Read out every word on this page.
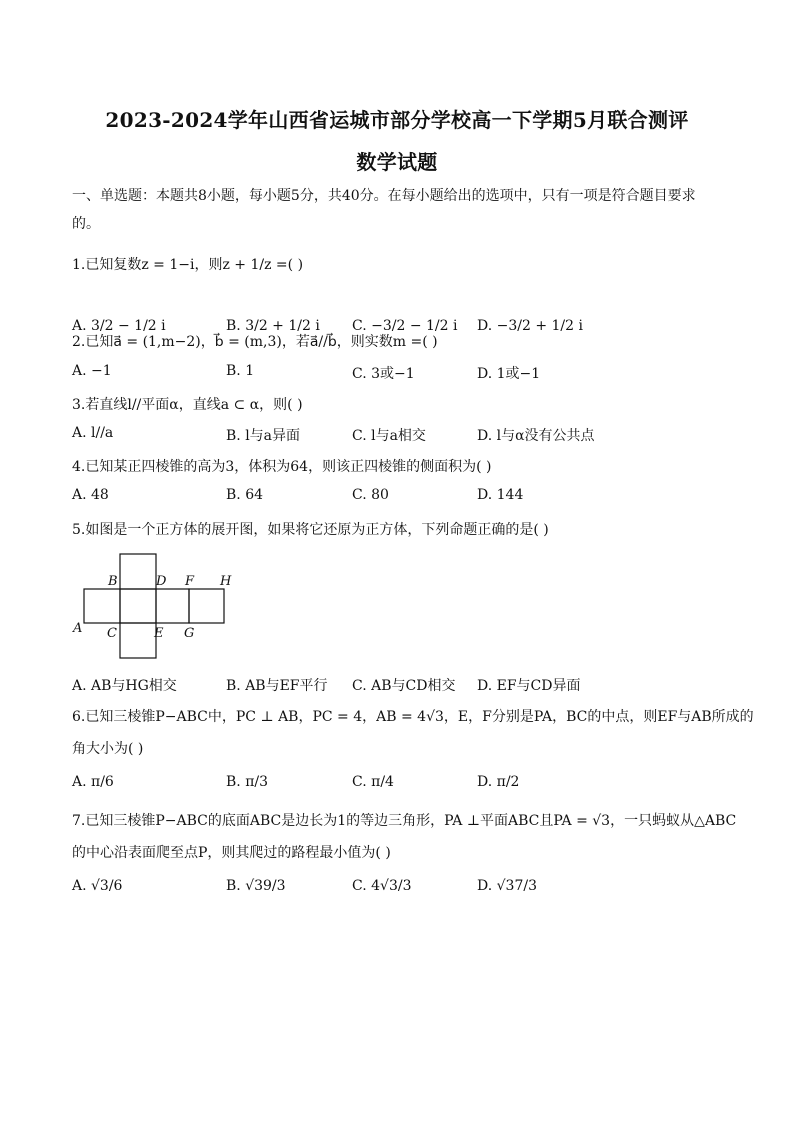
2023-2024学年山西省运城市部分学校高一下学期5月联合测评
数学试题
一、单选题：本题共8小题，每小题5分，共40分。在每小题给出的选项中，只有一项是符合题目要求的。
1.已知复数z = 1−i，则z + 1/z =( )
A. 3/2 − 1/2 i	B. 3/2 + 1/2 i C. −3/2 − 1/2 i D. −3/2 + 1/2 i
2.已知a⃗ = (1,m−2)，b⃗ = (m,3)，若a⃗//b⃗，则实数m =( )
A. −1	B. 1	C. 3或−1	D. 1或−1
3.若直线l//平面α，直线a ⊂ α，则( )
A. l//a	B. l与a异面	C. l与a相交	D. l与α没有公共点
4.已知某正四棱锥的高为3，体积为64，则该正四棱锥的侧面积为( )
A. 48	B. 64	C. 80	D. 144
5.如图是一个正方体的展开图，如果将它还原为正方体，下列命题正确的是( )
A
B
C
D
E
F
G
H
A. AB与HG相交	B. AB与EF平行 C. AB与CD相交 D. EF与CD异面
6.已知三棱锥P−ABC中，PC ⊥ AB，PC = 4，AB = 4√3，E，F分别是PA，BC的中点，则EF与AB所成的
角大小为( )
A. π/6	B. π/3	C. π/4	D. π/2
7.已知三棱锥P−ABC的底面ABC是边长为1的等边三角形，PA ⊥平面ABC且PA = √3，一只蚂蚁从△ABC
的中心沿表面爬至点P，则其爬过的路程最小值为( )
A. √3/6	B. √39/3	C. 4√3/3	D. √37/3
